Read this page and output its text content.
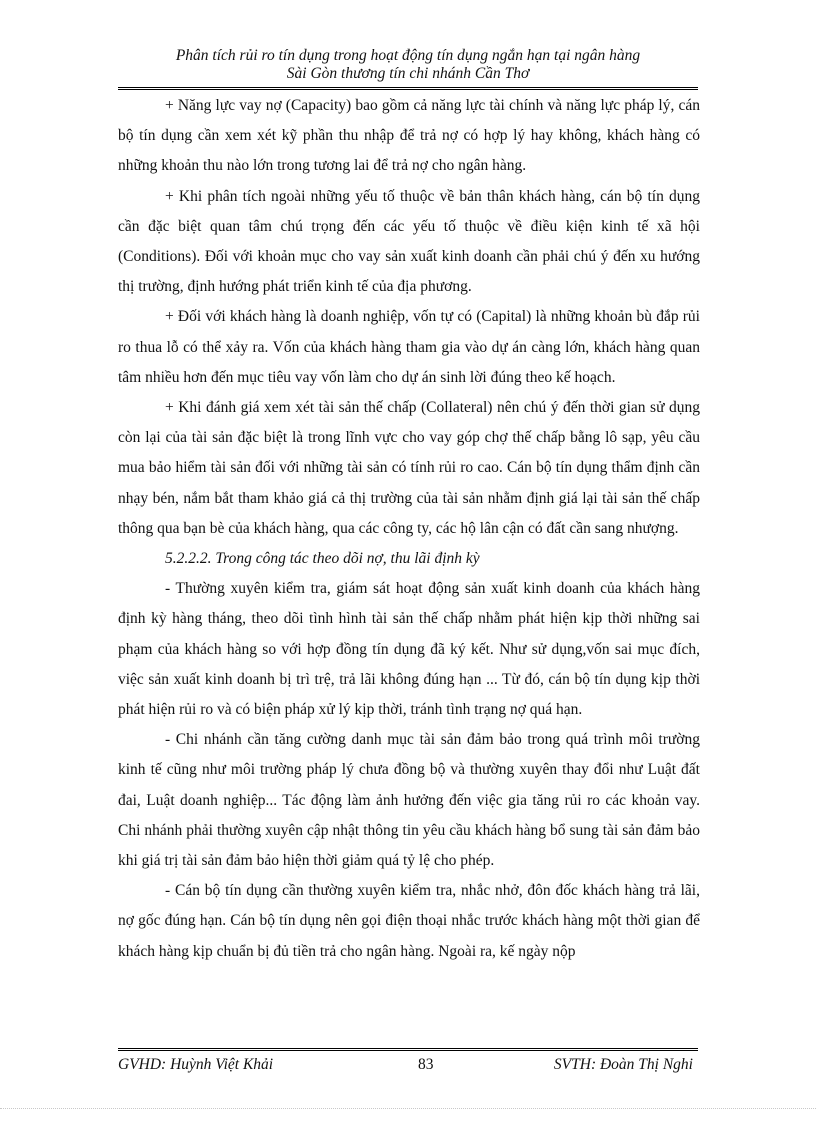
Phân tích rủi ro tín dụng trong hoạt động tín dụng ngắn hạn tại ngân hàng
Sài Gòn thương tín chi nhánh Cần Thơ

+ Năng lực vay nợ (Capacity) bao gồm cả năng lực tài chính và năng lực pháp lý, cán bộ tín dụng cần xem xét kỹ phần thu nhập để trả nợ có hợp lý hay không, khách hàng có những khoản thu nào lớn trong tương lai để trả nợ cho ngân hàng.

+ Khi phân tích ngoài những yếu tố thuộc về bản thân khách hàng, cán bộ tín dụng cần đặc biệt quan tâm chú trọng đến các yếu tố thuộc về điều kiện kinh tế xã hội (Conditions). Đối với khoản mục cho vay sản xuất kinh doanh cần phải chú ý đến xu hướng thị trường, định hướng phát triển kinh tế của địa phương.

+ Đối với khách hàng là doanh nghiệp, vốn tự có (Capital) là những khoản bù đắp rủi ro thua lỗ có thể xảy ra. Vốn của khách hàng tham gia vào dự án càng lớn, khách hàng quan tâm nhiều hơn đến mục tiêu vay vốn làm cho dự án sinh lời đúng theo kế hoạch.

+ Khi đánh giá xem xét tài sản thế chấp (Collateral) nên chú ý đến thời gian sử dụng còn lại của tài sản đặc biệt là trong lĩnh vực cho vay góp chợ thế chấp bằng lô sạp, yêu cầu mua bảo hiểm tài sản đối với những tài sản có tính rủi ro cao. Cán bộ tín dụng thẩm định cần nhạy bén, nắm bắt tham khảo giá cả thị trường của tài sản nhằm định giá lại tài sản thế chấp thông qua bạn bè của khách hàng, qua các công ty, các hộ lân cận có đất cần sang nhượng.

5.2.2.2. Trong công tác theo dõi nợ, thu lãi định kỳ

- Thường xuyên kiểm tra, giám sát hoạt động sản xuất kinh doanh của khách hàng định kỳ hàng tháng, theo dõi tình hình tài sản thế chấp nhằm phát hiện kịp thời những sai phạm của khách hàng so với hợp đồng tín dụng đã ký kết. Như sử dụng,vốn sai mục đích, việc sản xuất kinh doanh bị trì trệ, trả lãi không đúng hạn ... Từ đó, cán bộ tín dụng kịp thời phát hiện rủi ro và có biện pháp xử lý kịp thời, tránh tình trạng nợ quá hạn.

- Chi nhánh cần tăng cường danh mục tài sản đảm bảo trong quá trình môi trường kinh tế cũng như môi trường pháp lý chưa đồng bộ và thường xuyên thay đổi như Luật đất đai, Luật doanh nghiệp... Tác động làm ảnh hưởng đến việc gia tăng rủi ro các khoản vay. Chi nhánh phải thường xuyên cập nhật thông tin yêu cầu khách hàng bổ sung tài sản đảm bảo khi giá trị tài sản đảm bảo hiện thời giảm quá tỷ lệ cho phép.

- Cán bộ tín dụng cần thường xuyên kiểm tra, nhắc nhở, đôn đốc khách hàng trả lãi, nợ gốc đúng hạn. Cán bộ tín dụng nên gọi điện thoại nhắc trước khách hàng một thời gian để khách hàng kịp chuẩn bị đủ tiền trả cho ngân hàng. Ngoài ra, kế ngày nộp

GVHD: Huỳnh Việt Khải	83	SVTH: Đoàn Thị Nghi
